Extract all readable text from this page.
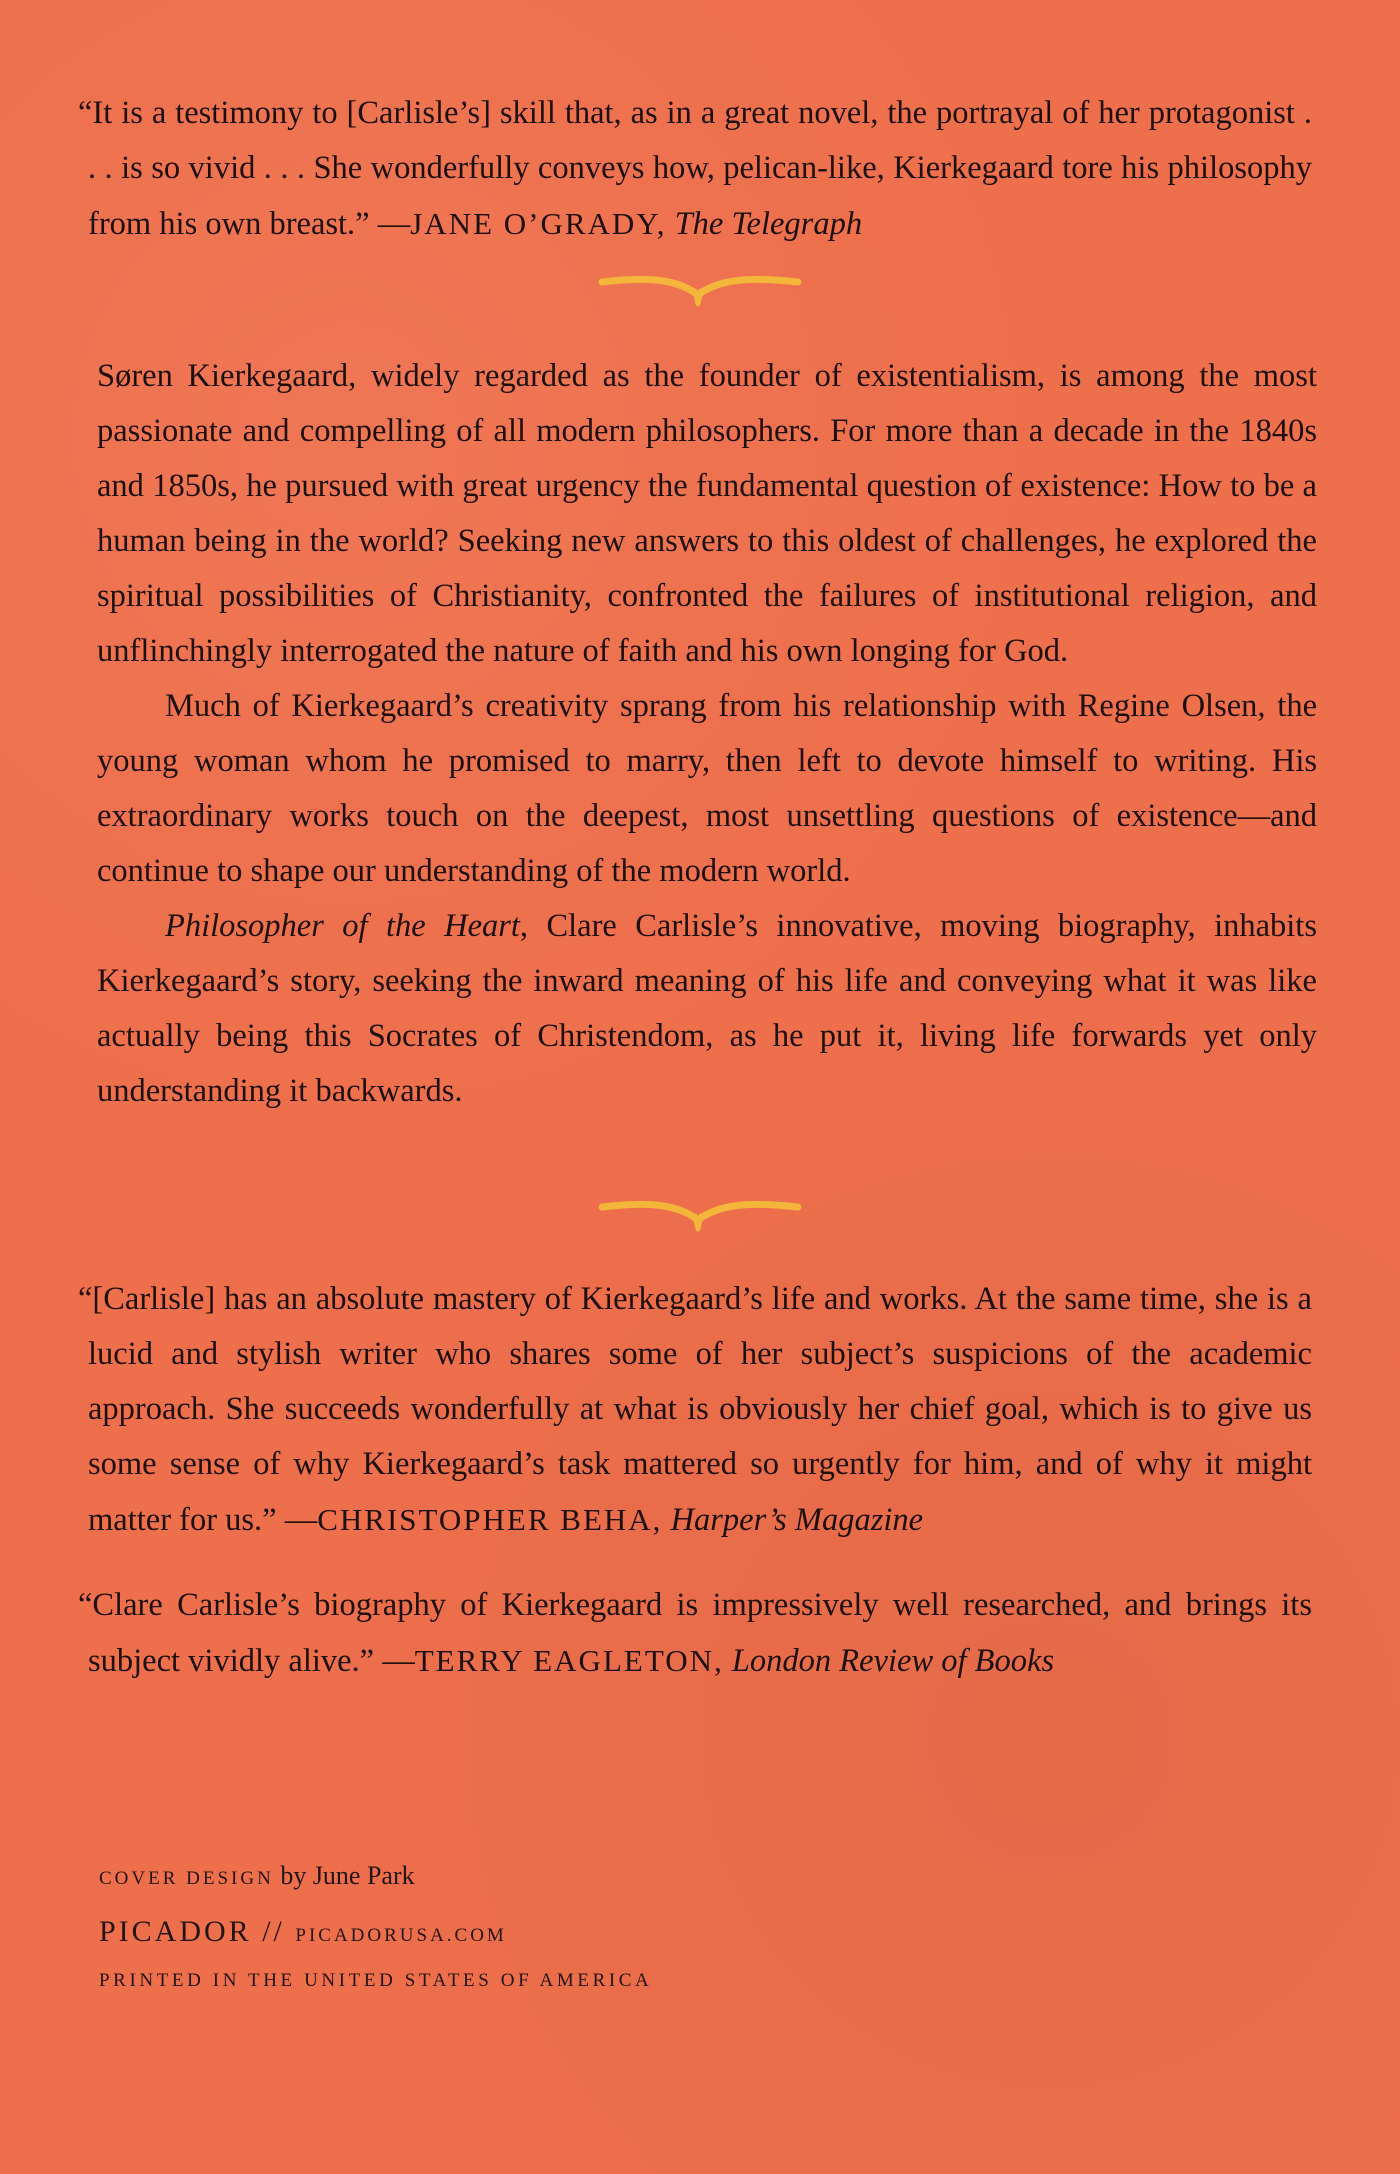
“It is a testimony to [Carlisle’s] skill that, as in a great novel, the portrayal of her protagonist . . . is so vivid . . . She wonderfully conveys how, pelican-like, Kierkegaard tore his philosophy from his own breast.” —JANE O’GRADY, The Telegraph

Søren Kierkegaard, widely regarded as the founder of existentialism, is among the most passionate and compelling of all modern philosophers. For more than a decade in the 1840s and 1850s, he pursued with great urgency the fundamental question of existence: How to be a human being in the world? Seeking new answers to this oldest of challenges, he explored the spiritual possibilities of Christianity, confronted the failures of institutional religion, and unflinchingly interrogated the nature of faith and his own longing for God.

Much of Kierkegaard’s creativity sprang from his relationship with Regine Olsen, the young woman whom he promised to marry, then left to devote himself to writing. His extraordinary works touch on the deepest, most unsettling questions of existence—and continue to shape our understanding of the modern world.

Philosopher of the Heart, Clare Carlisle’s innovative, moving biography, inhabits Kierkegaard’s story, seeking the inward meaning of his life and conveying what it was like actually being this Socrates of Christendom, as he put it, living life forwards yet only understanding it backwards.

“[Carlisle] has an absolute mastery of Kierkegaard’s life and works. At the same time, she is a lucid and stylish writer who shares some of her subject’s suspicions of the academic approach. She succeeds wonderfully at what is obviously her chief goal, which is to give us some sense of why Kierkegaard’s task mattered so urgently for him, and of why it might matter for us.” —CHRISTOPHER BEHA, Harper’s Magazine

“Clare Carlisle’s biography of Kierkegaard is impressively well researched, and brings its subject vividly alive.” —TERRY EAGLETON, London Review of Books

COVER DESIGN by June Park

PICADOR // PICADORUSA.COM

PRINTED IN THE UNITED STATES OF AMERICA
